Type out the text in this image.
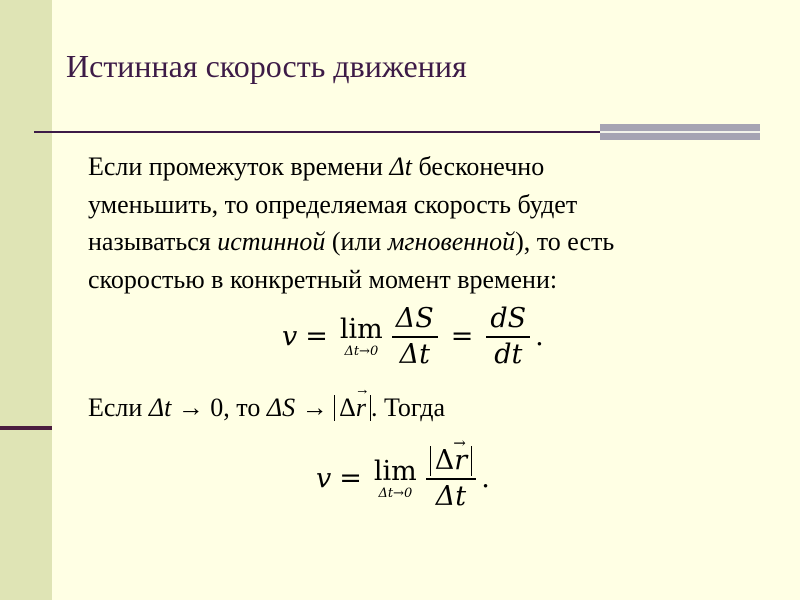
Истинная скорость движения
Если промежуток времени Δt бесконечно
уменьшить, то определяемая скорость будет
называться истинной (или мгновенной), то есть
скоростью в конкретный момент времени:
v = lim
$\Delta t\to 0 \frac{\Delta S}{\Delta t} = \frac{dS}{dt}$ .
Если Δt → 0, то ΔS → Δ→ r . Тогда
v = lim
$\Delta t\to 0 \frac{\Delta\to r}{\Delta t}$ .
